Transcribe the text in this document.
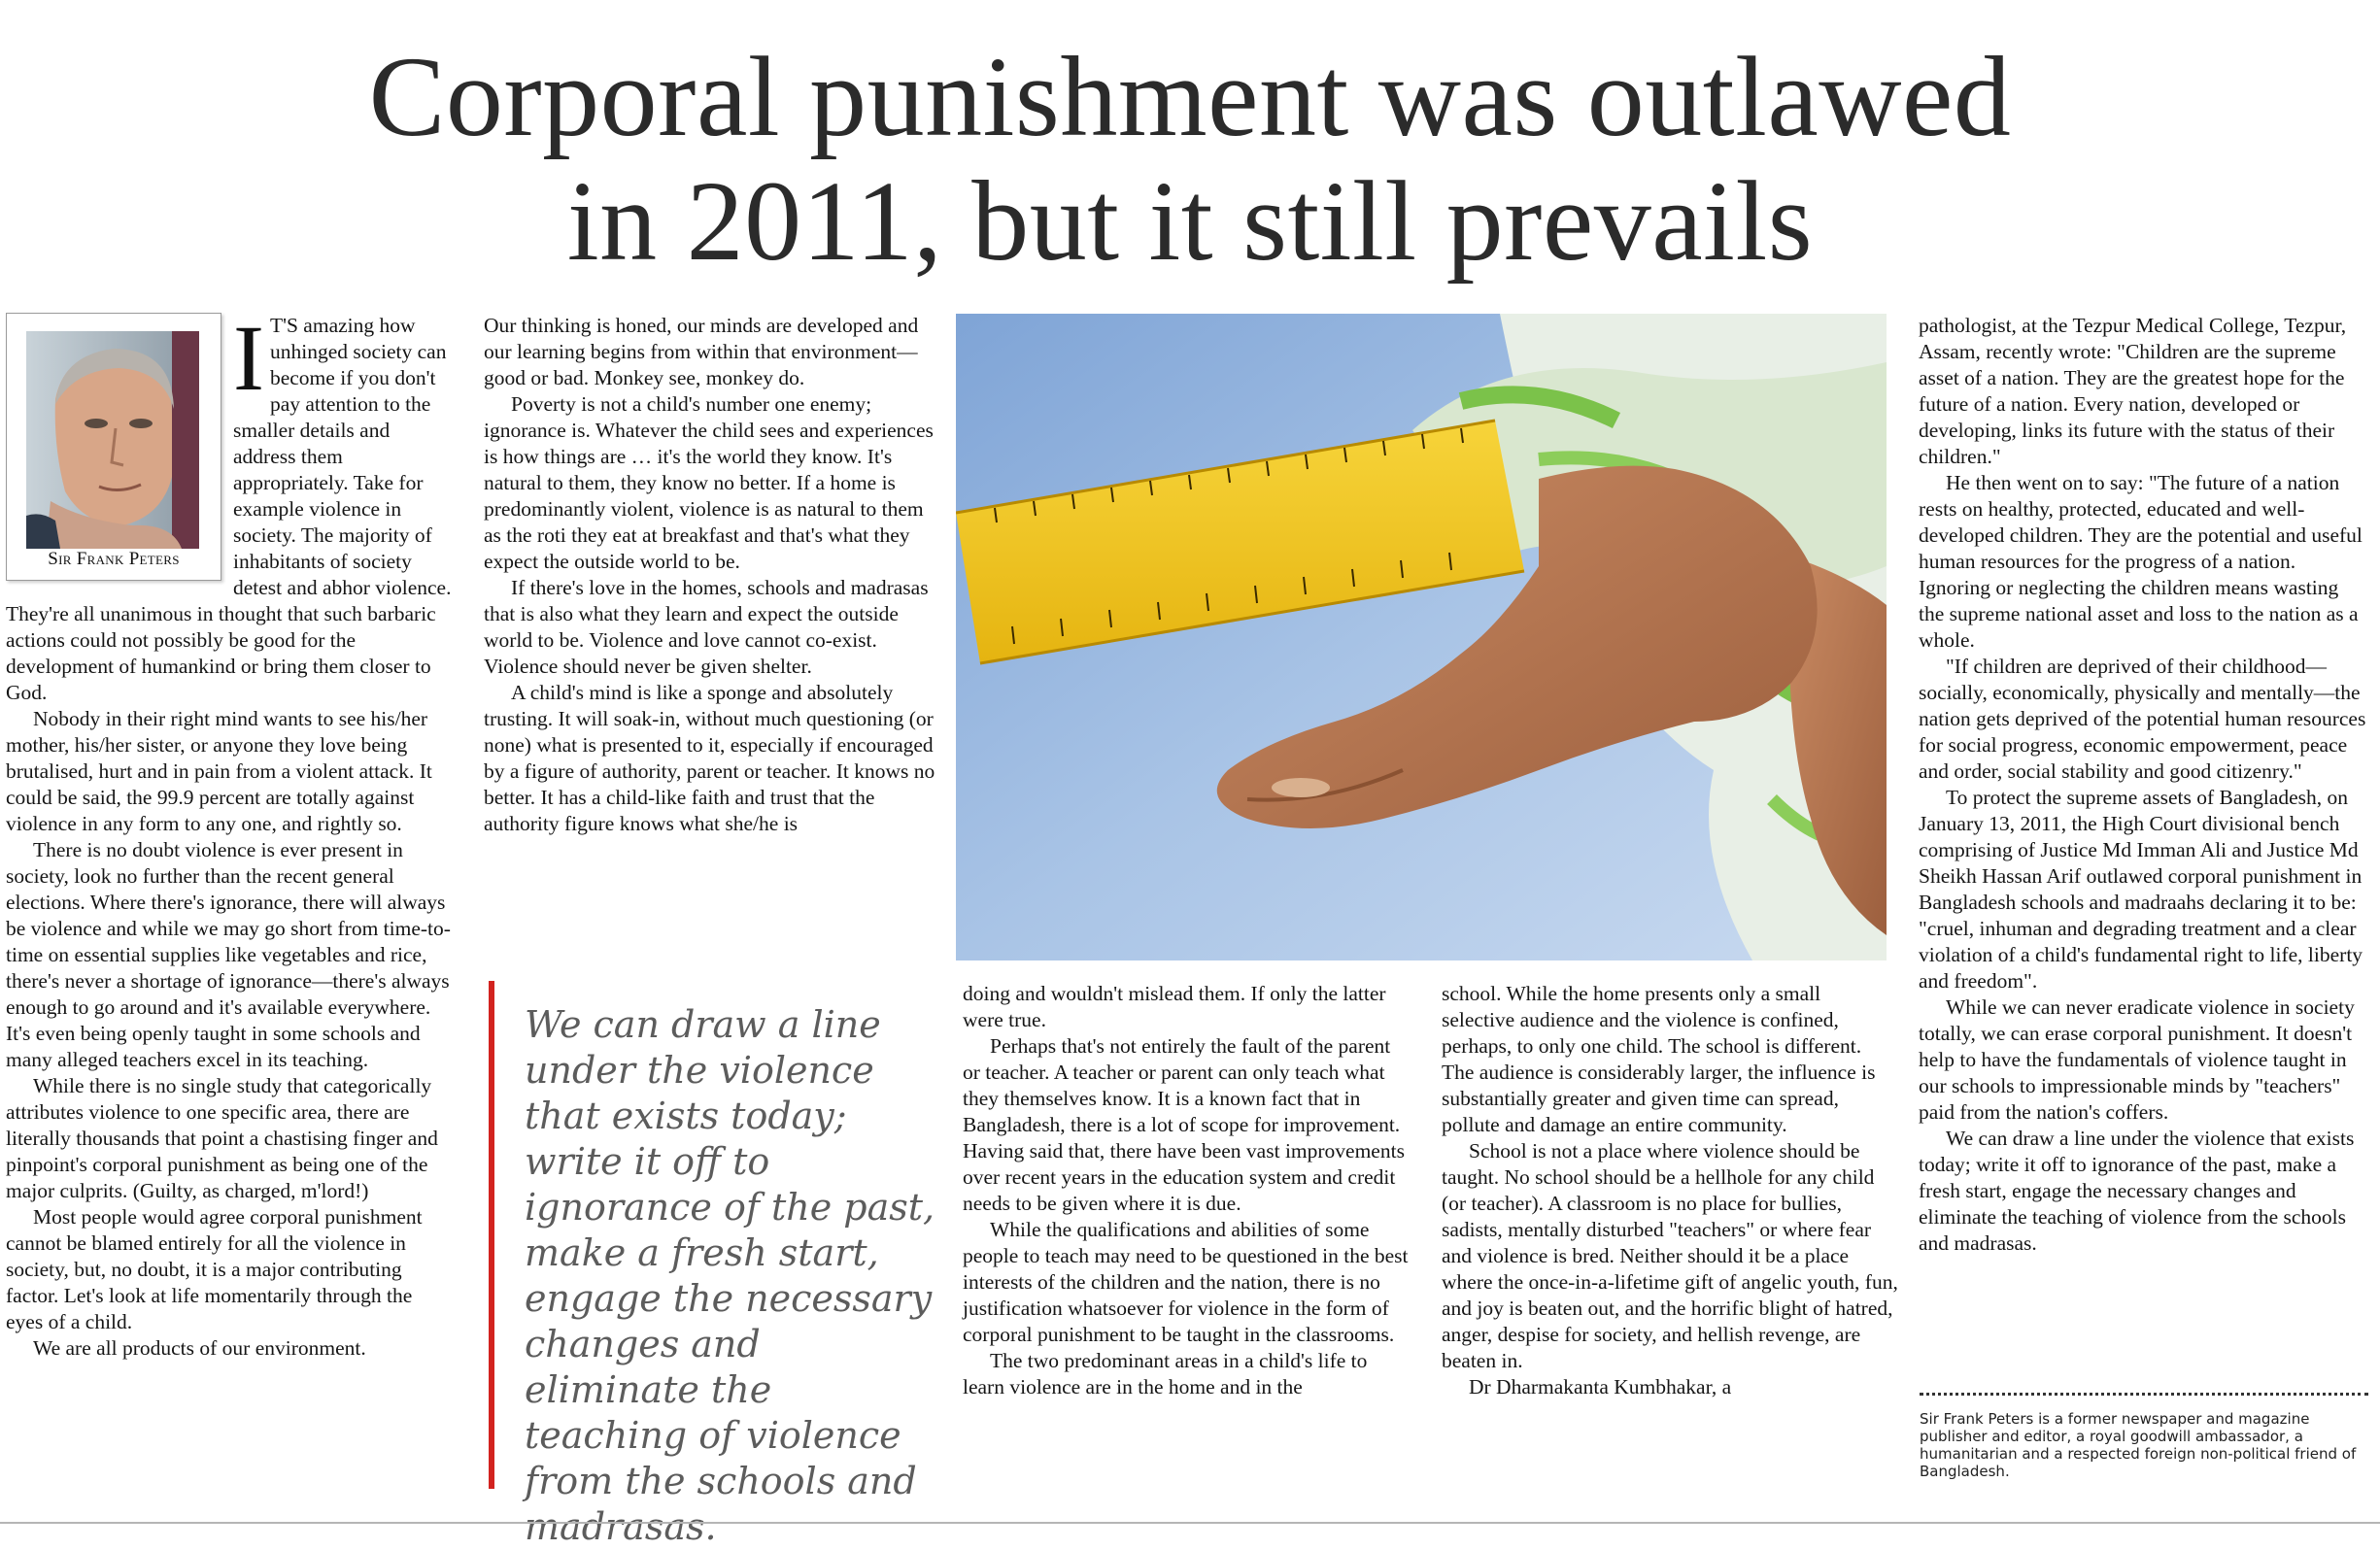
Corporal punishment was outlawed
in 2011, but it still prevails
Sir Frank Peters
I T'S amazing how unhinged society can become if you don't pay attention to the smaller details and address them appropriately. Take for example violence in society. The majority of inhabitants of society detest and abhor violence. They're all unanimous in thought that such barbaric actions could not possibly be good for the development of humankind or bring them closer to God.

Nobody in their right mind wants to see his/her mother, his/her sister, or anyone they love being brutalised, hurt and in pain from a violent attack. It could be said, the 99.9 percent are totally against violence in any form to any one, and rightly so.

There is no doubt violence is ever present in society, look no further than the recent general elections. Where there's ignorance, there will always be violence and while we may go short from time-to-time on essential supplies like vegetables and rice, there's never a shortage of ignorance—there's always enough to go around and it's available everywhere. It's even being openly taught in some schools and many alleged teachers excel in its teaching.

While there is no single study that categorically attributes violence to one specific area, there are literally thousands that point a chastising finger and pinpoint's corporal punishment as being one of the major culprits. (Guilty, as charged, m'lord!)

Most people would agree corporal punishment cannot be blamed entirely for all the violence in society, but, no doubt, it is a major contributing factor. Let's look at life momentarily through the eyes of a child.

We are all products of our environment.

Our thinking is honed, our minds are developed and our learning begins from within that environment—good or bad. Monkey see, monkey do.

Poverty is not a child's number one enemy; ignorance is. Whatever the child sees and experiences is how things are … it's the world they know. It's natural to them, they know no better. If a home is predominantly violent, violence is as natural to them as the roti they eat at breakfast and that's what they expect the outside world to be.

If there's love in the homes, schools and madrasas that is also what they learn and expect the outside world to be. Violence and love cannot co-exist. Violence should never be given shelter.

A child's mind is like a sponge and absolutely trusting. It will soak-in, without much questioning (or none) what is presented to it, especially if encouraged by a figure of authority, parent or teacher. It knows no better. It has a child-like faith and trust that the authority figure knows what she/he is

We can draw a line under the violence that exists today; write it off to ignorance of the past, make a fresh start, engage the necessary changes and eliminate the teaching of violence from the schools and madrasas.

doing and wouldn't mislead them. If only the latter were true.

Perhaps that's not entirely the fault of the parent or teacher. A teacher or parent can only teach what they themselves know. It is a known fact that in Bangladesh, there is a lot of scope for improvement. Having said that, there have been vast improvements over recent years in the education system and credit needs to be given where it is due.

While the qualifications and abilities of some people to teach may need to be questioned in the best interests of the children and the nation, there is no justification whatsoever for violence in the form of corporal punishment to be taught in the classrooms.

The two predominant areas in a child's life to learn violence are in the home and in the

school. While the home presents only a small selective audience and the violence is confined, perhaps, to only one child. The school is different. The audience is considerably larger, the influence is substantially greater and given time can spread, pollute and damage an entire community.

School is not a place where violence should be taught. No school should be a hellhole for any child (or teacher). A classroom is no place for bullies, sadists, mentally disturbed "teachers" or where fear and violence is bred. Neither should it be a place where the once-in-a-lifetime gift of angelic youth, fun, and joy is beaten out, and the horrific blight of hatred, anger, despise for society, and hellish revenge, are beaten in.

Dr Dharmakanta Kumbhakar, a

pathologist, at the Tezpur Medical College, Tezpur, Assam, recently wrote: "Children are the supreme asset of a nation. They are the greatest hope for the future of a nation. Every nation, developed or developing, links its future with the status of their children."

He then went on to say: "The future of a nation rests on healthy, protected, educated and well-developed children. They are the potential and useful human resources for the progress of a nation. Ignoring or neglecting the children means wasting the supreme national asset and loss to the nation as a whole.

"If children are deprived of their childhood—socially, economically, physically and mentally—the nation gets deprived of the potential human resources for social progress, economic empowerment, peace and order, social stability and good citizenry."

To protect the supreme assets of Bangladesh, on January 13, 2011, the High Court divisional bench comprising of Justice Md Imman Ali and Justice Md Sheikh Hassan Arif outlawed corporal punishment in Bangladesh schools and madraahs declaring it to be: "cruel, inhuman and degrading treatment and a clear violation of a child's fundamental right to life, liberty and freedom".

While we can never eradicate violence in society totally, we can erase corporal punishment. It doesn't help to have the fundamentals of violence taught in our schools to impressionable minds by "teachers" paid from the nation's coffers.

We can draw a line under the violence that exists today; write it off to ignorance of the past, make a fresh start, engage the necessary changes and eliminate the teaching of violence from the schools and madrasas.

Sir Frank Peters is a former newspaper and magazine publisher and editor, a royal goodwill ambassador, a humanitarian and a respected foreign non-political friend of Bangladesh.
